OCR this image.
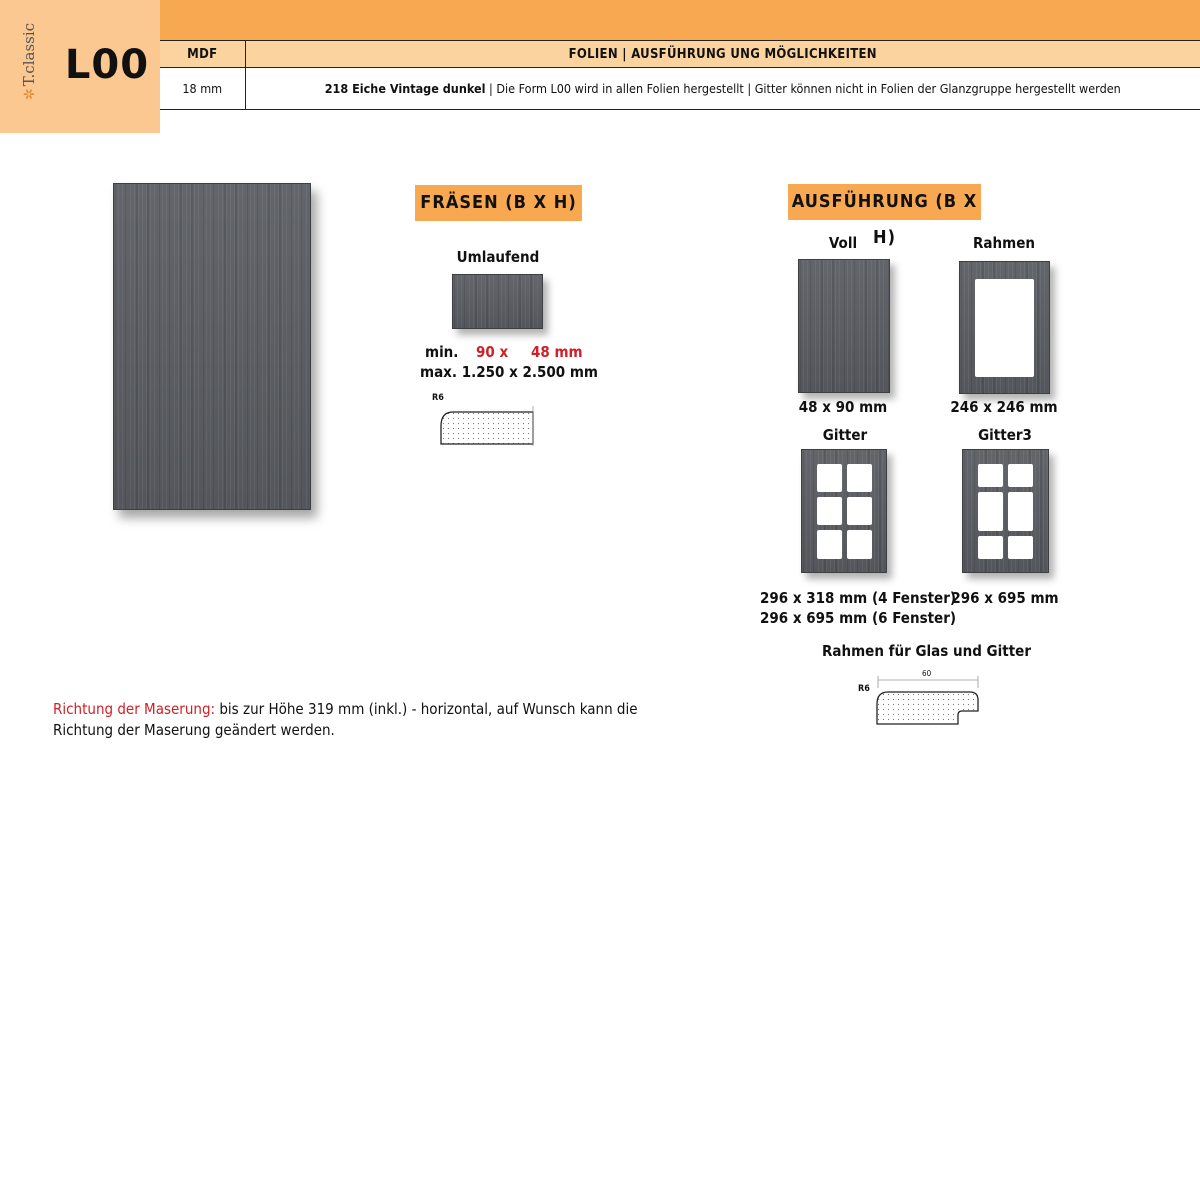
✲T.classic L00	MDF	FOLIEN | AUSFÜHRUNG UNG MÖGLICHKEITEN
18 mm	218 Eiche Vintage dunkel | Die Form L00 wird in allen Folien hergestellt | Gitter können nicht in Folien der Glanzgruppe hergestellt werden
FRÄSEN (B X H)
Umlaufend
min. 90 x 48 mm
max. 1.250 x 2.500 mm
R6
AUSFÜHRUNG (B X H)
Voll
48 x 90 mm
Rahmen
246 x 246 mm
Gitter
296 x 318 mm (4 Fenster)
296 x 695 mm (6 Fenster)
Gitter3
296 x 695 mm
Rahmen für Glas und Gitter
R6
60
Richtung der Maserung: bis zur Höhe 319 mm (inkl.) - horizontal, auf Wunsch kann die Richtung der Maserung geändert werden.
